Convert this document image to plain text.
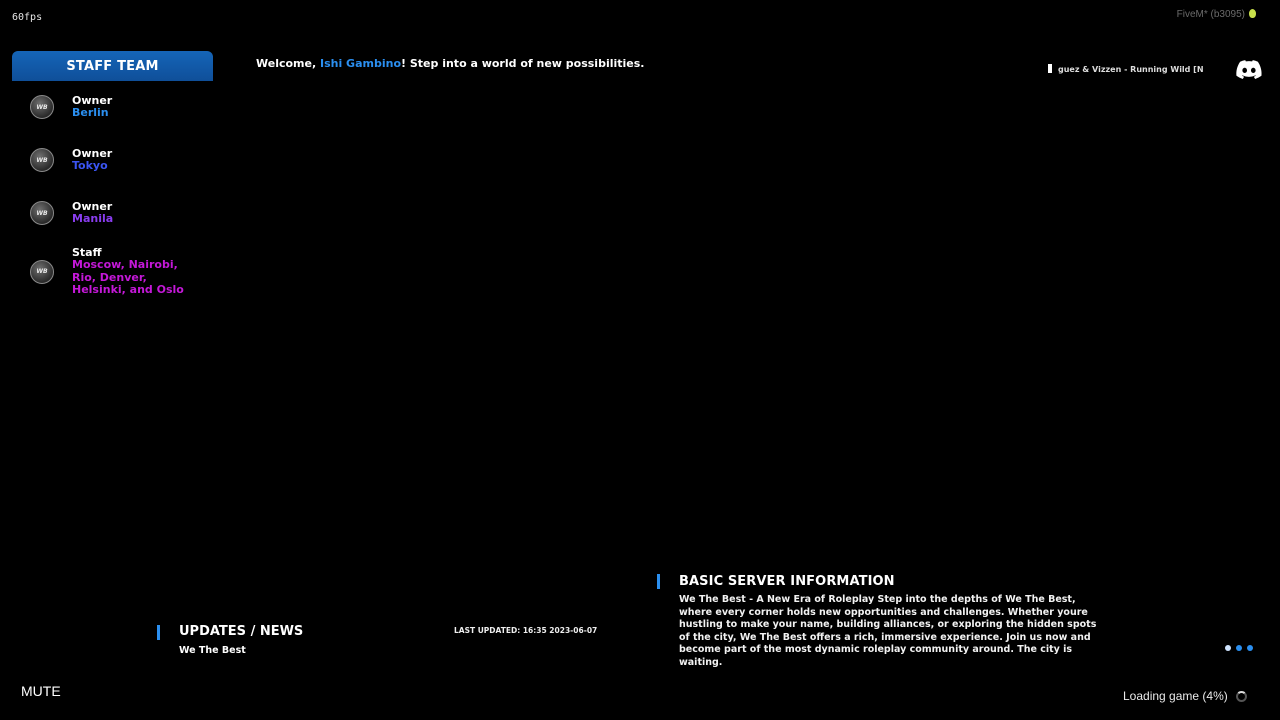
60fps	FiveM* (b3095)
STAFF TEAM
WB
Owner
Berlin
WB
Owner
Tokyo
WB
Owner
Manila
WB
Staff
Moscow, Nairobi, Rio, Denver, Helsinki, and Oslo
Welcome, Ishi Gambino! Step into a world of new possibilities.	guez & Vizzen - Running Wild [N
BASIC SERVER INFORMATION
We The Best - A New Era of Roleplay Step into the depths of We The Best, where every corner holds new opportunities and challenges. Whether youre hustling to make your name, building alliances, or exploring the hidden spots of the city, We The Best offers a rich, immersive experience. Join us now and become part of the most dynamic roleplay community around. The city is waiting.
UPDATES / NEWS
We The Best
LAST UPDATED: 16:35 2023-06-07
MUTE	Loading game (4%)
